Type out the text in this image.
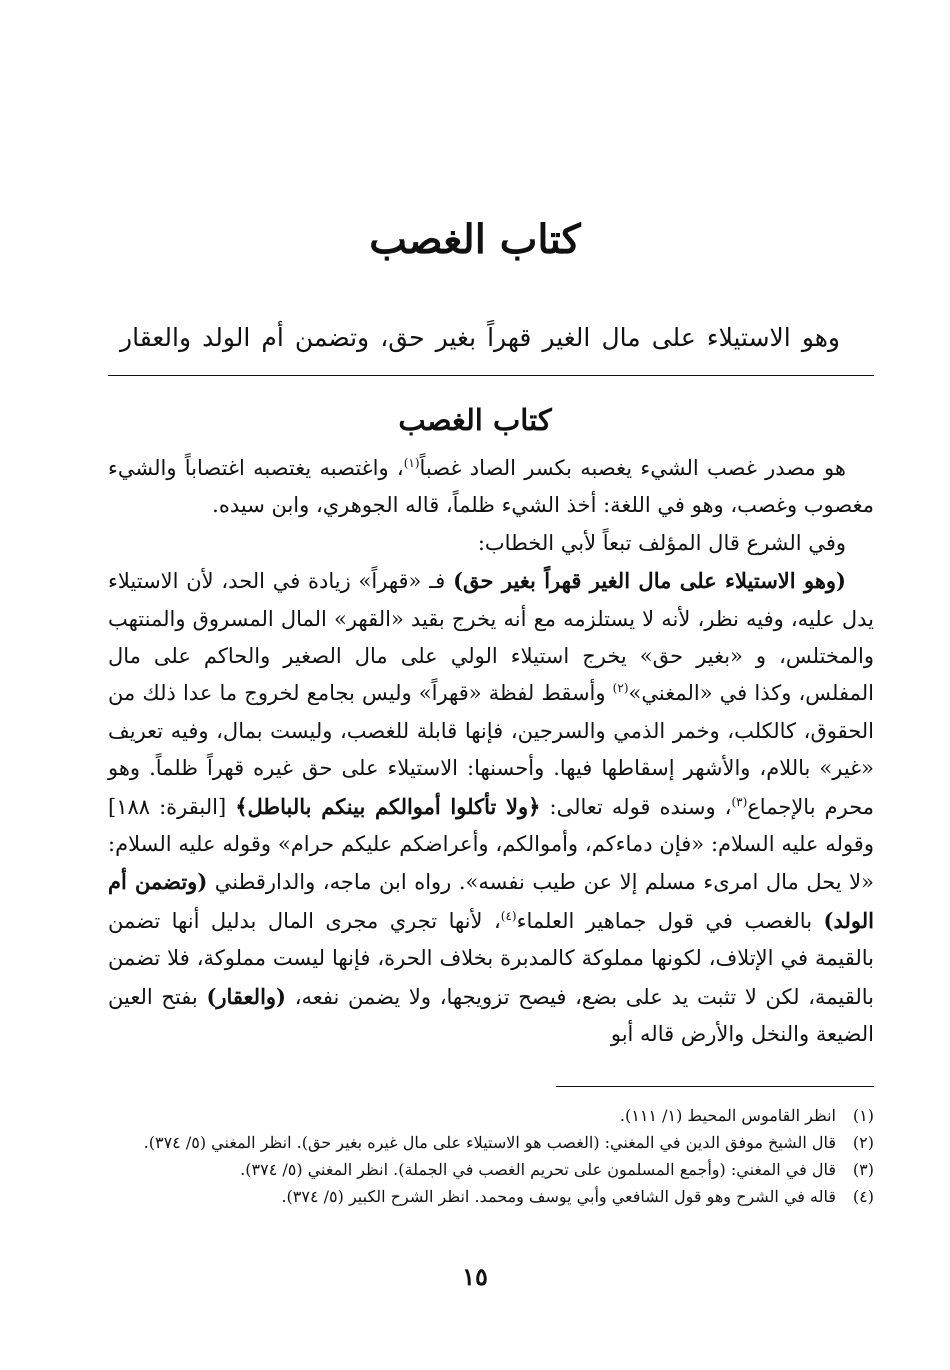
كتاب الغصب

وهو الاستيلاء على مال الغير قهراً بغير حق، وتضمن أم الولد والعقار

كتاب الغصب

هو مصدر غصب الشيء يغصبه بكسر الصاد غصباً$^{(١)}$، واغتصبه يغتصبه اغتصاباً والشيء مغصوب وغصب، وهو في اللغة: أخذ الشيء ظلماً، قاله الجوهري، وابن سيده.

وفي الشرع قال المؤلف تبعاً لأبي الخطاب:

(وهو الاستيلاء على مال الغير قهراً بغير حق) فـ «قهراً» زيادة في الحد، لأن الاستيلاء يدل عليه، وفيه نظر، لأنه لا يستلزمه مع أنه يخرج بقيد «القهر» المال المسروق والمنتهب والمختلس، و «بغير حق» يخرج استيلاء الولي على مال الصغير والحاكم على مال المفلس، وكذا في «المغني»$^{(٢)}$ وأسقط لفظة «قهراً» وليس بجامع لخروج ما عدا ذلك من الحقوق، كالكلب، وخمر الذمي والسرجين، فإنها قابلة للغصب، وليست بمال، وفيه تعريف «غير» باللام، والأشهر إسقاطها فيها. وأحسنها: الاستيلاء على حق غيره قهراً ظلماً. وهو محرم بالإجماع$^{(٣)}$، وسنده قوله تعالى: ﴿ولا تأكلوا أموالكم بينكم بالباطل﴾ [البقرة: ١٨٨] وقوله عليه السلام: «فإن دماءكم، وأموالكم، وأعراضكم عليكم حرام» وقوله عليه السلام: «لا يحل مال امرىء مسلم إلا عن طيب نفسه». رواه ابن ماجه، والدارقطني (وتضمن أم الولد) بالغصب في قول جماهير العلماء$^{(٤)}$، لأنها تجري مجرى المال بدليل أنها تضمن بالقيمة في الإتلاف، لكونها مملوكة كالمدبرة بخلاف الحرة، فإنها ليست مملوكة، فلا تضمن بالقيمة، لكن لا تثبت يد على بضع، فيصح تزويجها، ولا يضمن نفعه، (والعقار) بفتح العين الضيعة والنخل والأرض قاله أبو

(١)
انظر القاموس المحيط (١/ ١١١).
(٢)
قال الشيخ موفق الدين في المغني: (الغصب هو الاستيلاء على مال غيره بغير حق). انظر المغني (٥/ ٣٧٤).
(٣)
قال في المغني: (وأجمع المسلمون على تحريم الغصب في الجملة). انظر المغني (٥/ ٣٧٤).
(٤)
قاله في الشرح وهو قول الشافعي وأبي يوسف ومحمد. انظر الشرح الكبير (٥/ ٣٧٤).
١٥
